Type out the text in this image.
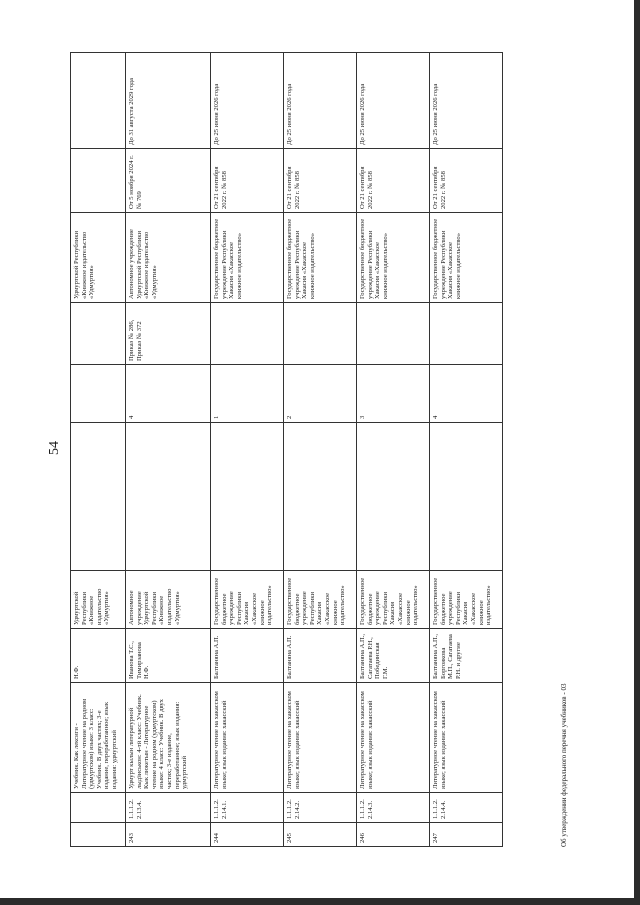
54
		Учебник. Как лексиги - Литературное чтение на родном (удмуртском) языке: 3 класс: Учебник. В двух частях; 3-е издание, переработанное; язык издания: удмуртский	Н.Ф.	Удмуртской Республики «Книжное издательство «Удмуртия»				Удмуртской Республики «Книжное издательство «Удмуртия»		
243	1.1.1.2.2.13.4.	Удмурт кылын литературной лыдӟиськон: 4-тӥ класс: Учебник. Кык люкетын - Литературное чтение на родном (удмуртском) языке: 4 класс: Учебник. В двух частях; 3-е издание, переработанное; язык издания: удмуртский	Иванова Т.С., Тимирзанова Н.Ф.	Автономное учреждение Удмуртской Республики «Книжное издательство «Удмуртия»		4	Приказ № 286, Приказ № 372	Автономное учреждение Удмуртской Республики «Книжное издательство «Удмуртия»	От 5 ноября 2024 г. № 769	До 31 августа 2029 года
244	1.1.1.2.2.14.1.	Литературное чтение на хакасском языке; язык издания: хакасский	Балтаняна А.П.	Государственное бюджетное учреждение Республики Хакасия «Хакасское книжное издательство»		1		Государственное бюджетное учреждение Республики Хакасия «Хакасское книжное издательство»	От 21 сентября 2022 г. № 858	До 25 июня 2026 года
245	1.1.1.2.2.14.2.	Литературное чтение на хакасском языке; язык издания: хакасский	Балтаняна А.П.	Государственное бюджетное учреждение Республики Хакасия «Хакасское книжное издательство»		2		Государственное бюджетное учреждение Республики Хакасия «Хакасское книжное издательство»	От 21 сентября 2022 г. № 858	До 25 июня 2026 года
246	1.1.1.2.2.14.3.	Литературное чтение на хакасском языке; язык издания: хакасский	Балтаняна А.П., Сагатаева Р.Н., Побединская Г.М.	Государственное бюджетное учреждение Республики Хакасия «Хакасское книжное издательство»		3		Государственное бюджетное учреждение Республики Хакасия «Хакасское книжное издательство»	От 21 сентября 2022 г. № 858	До 25 июня 2026 года
247	1.1.1.2.2.14.4.	Литературное чтение на хакасском языке; язык издания: хакасский	Балтаняна А.П., Боргоякова М.П., Сагатаева Р.Н. и другие	Государственное бюджетное учреждение Республики Хакасия «Хакасское книжное издательство»		4		Государственное бюджетное учреждение Республики Хакасия «Хакасское книжное издательство»	От 21 сентября 2022 г. № 858	До 25 июня 2026 года
Об утверждении федерального перечня учебников - 03
